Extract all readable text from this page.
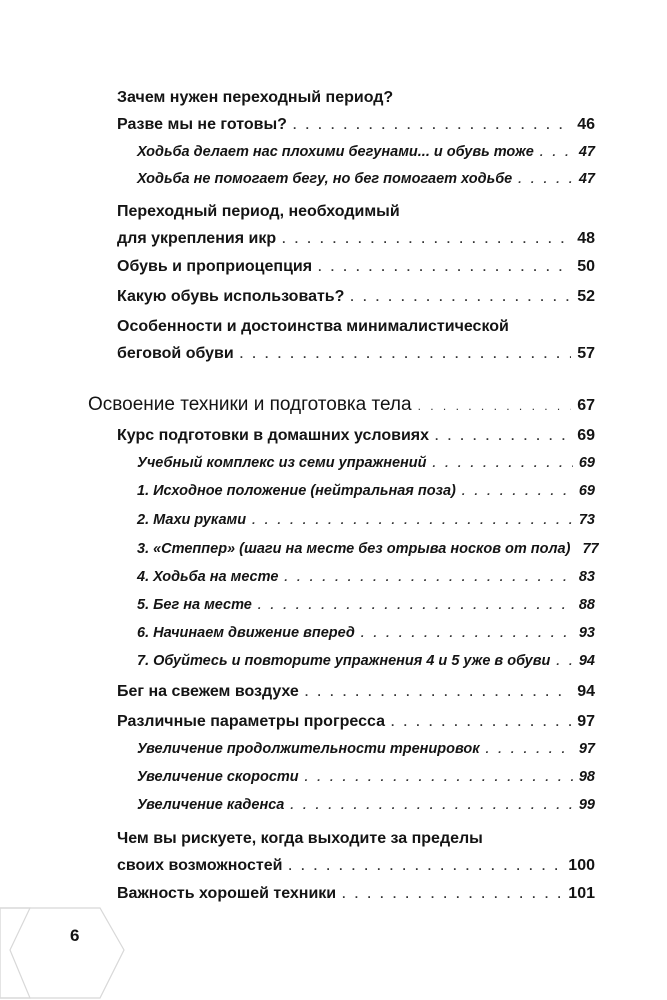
Зачем нужен переходный период?
Разве мы не готовы? . . .	46
Ходьба делает нас плохими бегунами... и обувь тоже . . .	47
Ходьба не помогает бегу, но бег помогает ходьбе . . .	47
Переходный период, необходимый
для укрепления икр . . .	48
Обувь и проприоцепция . . .	50
Какую обувь использовать? . . .	52
Особенности и достоинства минималистической
беговой обуви . . .	57
Освоение техники и подготовка тела . . .	67
Курс подготовки в домашних условиях . . .	69
Учебный комплекс из семи упражнений . . .	69
1. Исходное положение (нейтральная поза) . . .	69
2. Махи руками . . .	73
3. «Степпер» (шаги на месте без отрыва носков от пола) 77
4. Ходьба на месте . . .	83
5. Бег на месте . . .	88
6. Начинаем движение вперед . . .	93
7. Обуйтесь и повторите упражнения 4 и 5 уже в обуви . . . 94
Бег на свежем воздухе . . .	94
Различные параметры прогресса . . .	97
Увеличение продолжительности тренировок . . .	97
Увеличение скорости . . .	98
Увеличение каденса . . .	99
Чем вы рискуете, когда выходите за пределы
своих возможностей . . .	100
Важность хорошей техники . . .	101
6
